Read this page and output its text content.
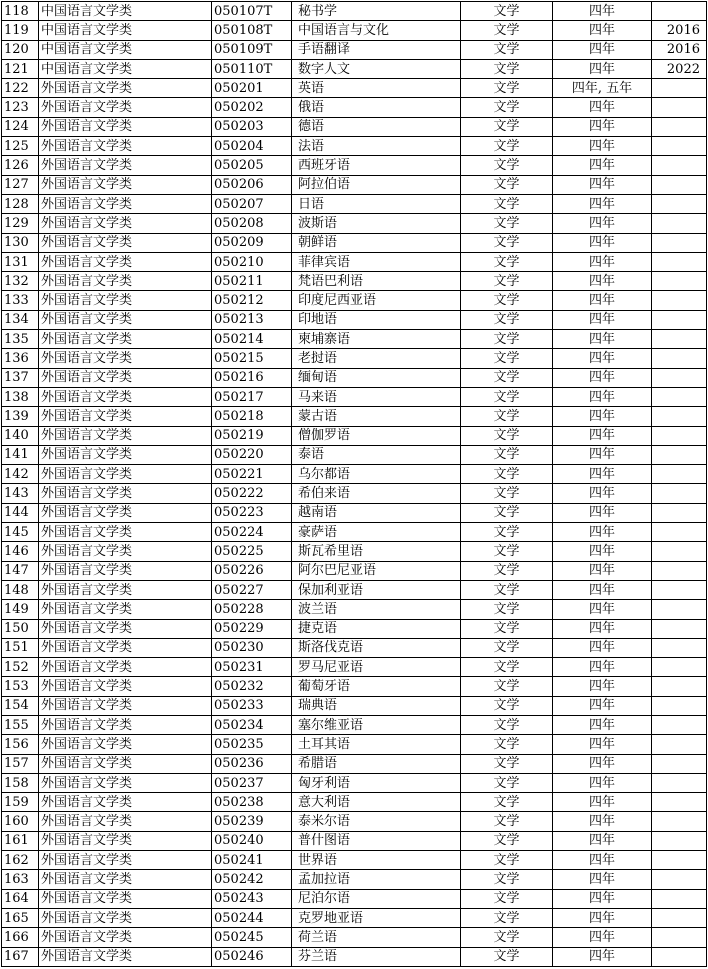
118	中国语言文学类	050107T	秘书学	文学	四年	
119	中国语言文学类	050108T	中国语言与文化	文学	四年	2016
120	中国语言文学类	050109T	手语翻译	文学	四年	2016
121	中国语言文学类	050110T	数字人文	文学	四年	2022
122	外国语言文学类	050201	英语	文学	四年, 五年	
123	外国语言文学类	050202	俄语	文学	四年	
124	外国语言文学类	050203	德语	文学	四年	
125	外国语言文学类	050204	法语	文学	四年	
126	外国语言文学类	050205	西班牙语	文学	四年	
127	外国语言文学类	050206	阿拉伯语	文学	四年	
128	外国语言文学类	050207	日语	文学	四年	
129	外国语言文学类	050208	波斯语	文学	四年	
130	外国语言文学类	050209	朝鲜语	文学	四年	
131	外国语言文学类	050210	菲律宾语	文学	四年	
132	外国语言文学类	050211	梵语巴利语	文学	四年	
133	外国语言文学类	050212	印度尼西亚语	文学	四年	
134	外国语言文学类	050213	印地语	文学	四年	
135	外国语言文学类	050214	柬埔寨语	文学	四年	
136	外国语言文学类	050215	老挝语	文学	四年	
137	外国语言文学类	050216	缅甸语	文学	四年	
138	外国语言文学类	050217	马来语	文学	四年	
139	外国语言文学类	050218	蒙古语	文学	四年	
140	外国语言文学类	050219	僧伽罗语	文学	四年	
141	外国语言文学类	050220	泰语	文学	四年	
142	外国语言文学类	050221	乌尔都语	文学	四年	
143	外国语言文学类	050222	希伯来语	文学	四年	
144	外国语言文学类	050223	越南语	文学	四年	
145	外国语言文学类	050224	豪萨语	文学	四年	
146	外国语言文学类	050225	斯瓦希里语	文学	四年	
147	外国语言文学类	050226	阿尔巴尼亚语	文学	四年	
148	外国语言文学类	050227	保加利亚语	文学	四年	
149	外国语言文学类	050228	波兰语	文学	四年	
150	外国语言文学类	050229	捷克语	文学	四年	
151	外国语言文学类	050230	斯洛伐克语	文学	四年	
152	外国语言文学类	050231	罗马尼亚语	文学	四年	
153	外国语言文学类	050232	葡萄牙语	文学	四年	
154	外国语言文学类	050233	瑞典语	文学	四年	
155	外国语言文学类	050234	塞尔维亚语	文学	四年	
156	外国语言文学类	050235	土耳其语	文学	四年	
157	外国语言文学类	050236	希腊语	文学	四年	
158	外国语言文学类	050237	匈牙利语	文学	四年	
159	外国语言文学类	050238	意大利语	文学	四年	
160	外国语言文学类	050239	泰米尔语	文学	四年	
161	外国语言文学类	050240	普什图语	文学	四年	
162	外国语言文学类	050241	世界语	文学	四年	
163	外国语言文学类	050242	孟加拉语	文学	四年	
164	外国语言文学类	050243	尼泊尔语	文学	四年	
165	外国语言文学类	050244	克罗地亚语	文学	四年	
166	外国语言文学类	050245	荷兰语	文学	四年	
167	外国语言文学类	050246	芬兰语	文学	四年	
